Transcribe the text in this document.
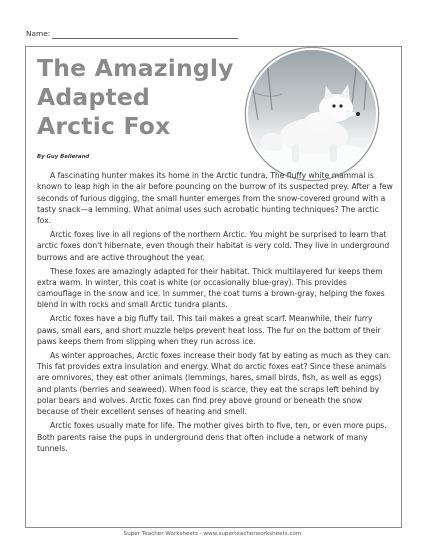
Name:
The Amazingly
Adapted
Arctic Fox
By Guy Bellerand

A fascinating hunter makes its home in the Arctic tundra. The fluffy white mammal is known to leap high in the air before pouncing on the burrow of its suspected prey. After a few seconds of furious digging, the small hunter emerges from the snow-covered ground with a tasty snack—a lemming. What animal uses such acrobatic hunting techniques? The arctic fox.

Arctic foxes live in all regions of the northern Arctic. You might be surprised to learn that arctic foxes don't hibernate, even though their habitat is very cold. They live in underground burrows and are active throughout the year.

These foxes are amazingly adapted for their habitat. Thick multilayered fur keeps them extra warm. In winter, this coat is white (or occasionally blue-gray). This provides camouflage in the snow and ice. In summer, the coat turns a brown-gray, helping the foxes blend in with rocks and small Arctic tundra plants.

Arctic foxes have a big fluffy tail. This tail makes a great scarf. Meanwhile, their furry paws, small ears, and short muzzle helps prevent heat loss. The fur on the bottom of their paws keeps them from slipping when they run across ice.

As winter approaches, Arctic foxes increase their body fat by eating as much as they can. This fat provides extra insulation and energy. What do arctic foxes eat? Since these animals are omnivores, they eat other animals (lemmings, hares, small birds, fish, as well as eggs) and plants (berries and seaweed). When food is scarce, they eat the scraps left behind by polar bears and wolves. Arctic foxes can find prey above ground or beneath the snow because of their excellent senses of hearing and smell.

Arctic foxes usually mate for life. The mother gives birth to five, ten, or even more pups. Both parents raise the pups in underground dens that often include a network of many tunnels.

Super Teacher Worksheets - www.superteacherworksheets.com
